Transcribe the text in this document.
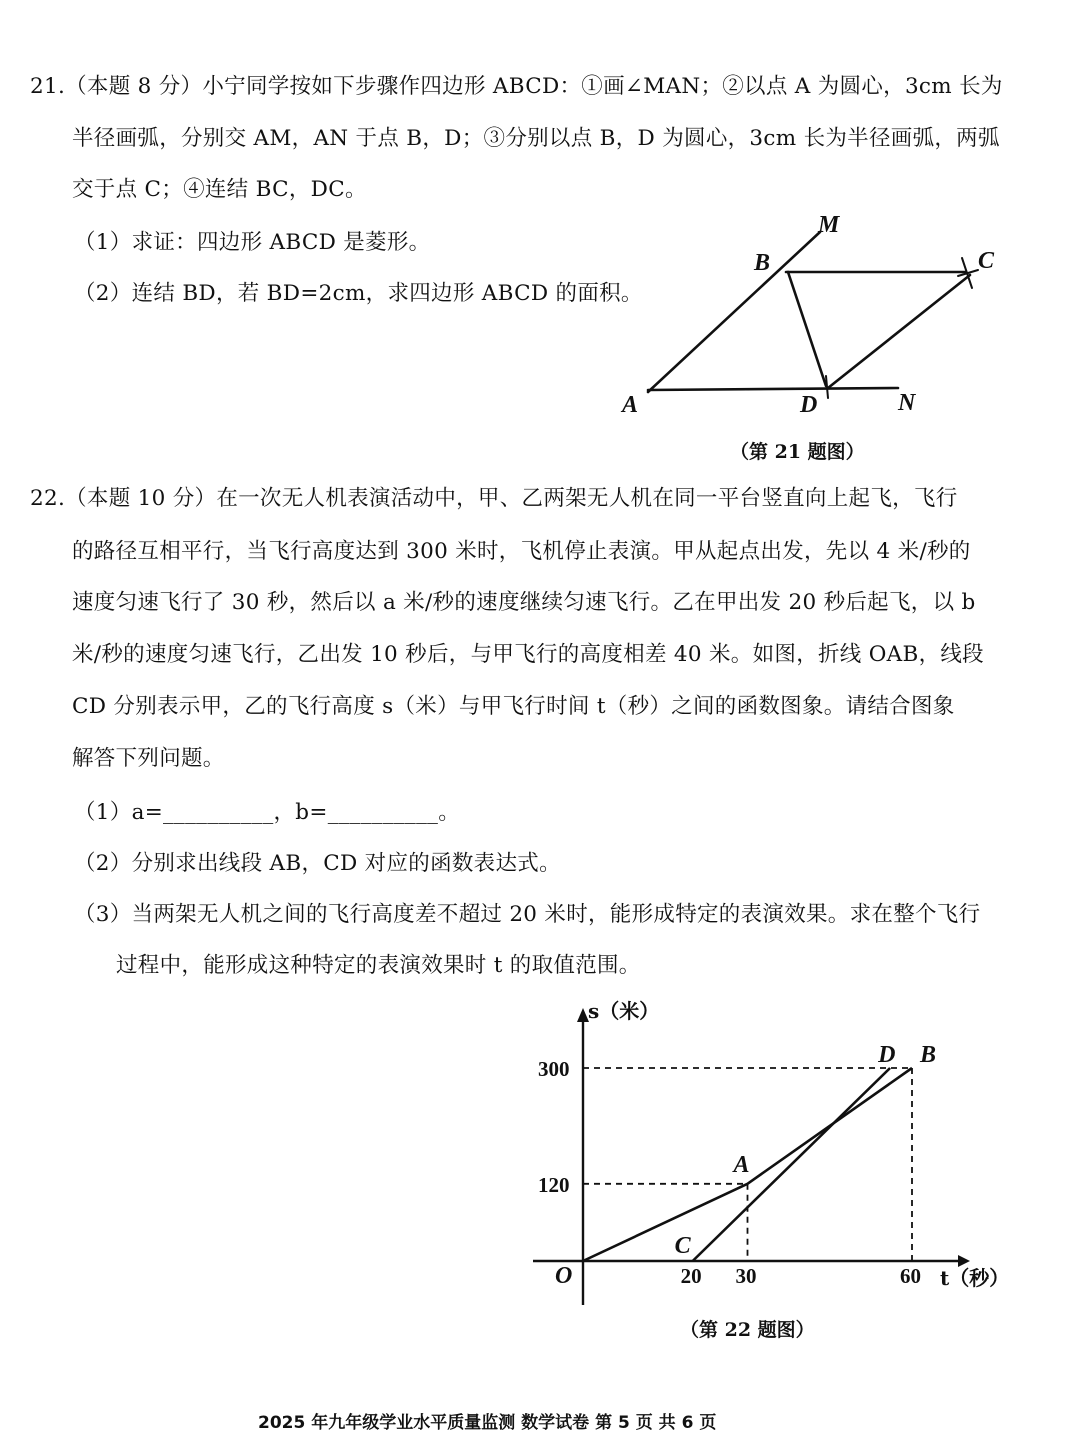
21.（本题 8 分）小宁同学按如下步骤作四边形 ABCD：①画∠MAN；②以点 A 为圆心，3cm 长为
半径画弧，分别交 AM，AN 于点 B，D；③分别以点 B，D 为圆心，3cm 长为半径画弧，两弧
交于点 C；④连结 BC，DC。
（1）求证：四边形 ABCD 是菱形。
（2）连结 BD，若 BD=2cm，求四边形 ABCD 的面积。
M
B	C
A	D	N
（第 21 题图）
22.（本题 10 分）在一次无人机表演活动中，甲、乙两架无人机在同一平台竖直向上起飞，飞行
的路径互相平行，当飞行高度达到 300 米时，飞机停止表演。甲从起点出发，先以 4 米/秒的
速度匀速飞行了 30 秒，然后以 a 米/秒的速度继续匀速飞行。乙在甲出发 20 秒后起飞，以 b
米/秒的速度匀速飞行，乙出发 10 秒后，与甲飞行的高度相差 40 米。如图，折线 OAB，线段
CD 分别表示甲，乙的飞行高度 s（米）与甲飞行时间 t（秒）之间的函数图象。请结合图象
解答下列问题。
（1）a=__________，b=__________。
（2）分别求出线段 AB，CD 对应的函数表达式。
（3）当两架无人机之间的飞行高度差不超过 20 米时，能形成特定的表演效果。求在整个飞行
过程中，能形成这种特定的表演效果时 t 的取值范围。
300
120
20 30	60
O
s（米）
t（秒）
A
B
C
D
（第 22 题图）
2025 年九年级学业水平质量监测 数学试卷 第 5 页 共 6 页
